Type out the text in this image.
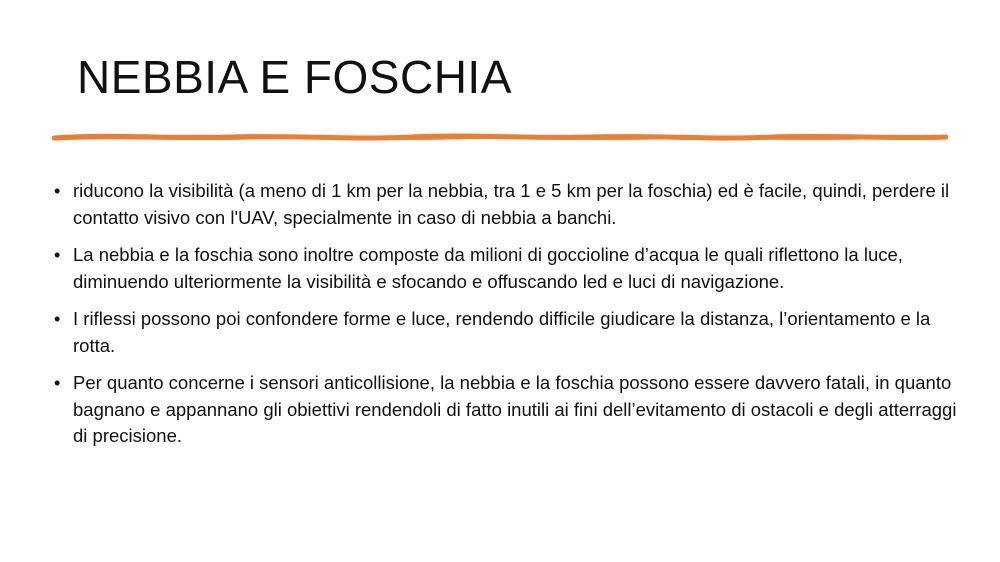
NEBBIA E FOSCHIA
• riducono la visibilità (a meno di 1 km per la nebbia, tra 1 e 5 km per la foschia) ed è facile, quindi, perdere il contatto visivo con l'UAV, specialmente in caso di nebbia a banchi.
• La nebbia e la foschia sono inoltre composte da milioni di goccioline d’acqua le quali riflettono la luce, diminuendo ulteriormente la visibilità e sfocando e offuscando led e luci di navigazione.
• I riflessi possono poi confondere forme e luce, rendendo difficile giudicare la distanza, l’orientamento e la rotta.
• Per quanto concerne i sensori anticollisione, la nebbia e la foschia possono essere davvero fatali, in quanto bagnano e appannano gli obiettivi rendendoli di fatto inutili ai fini dell’evitamento di ostacoli e degli atterraggi di precisione.
